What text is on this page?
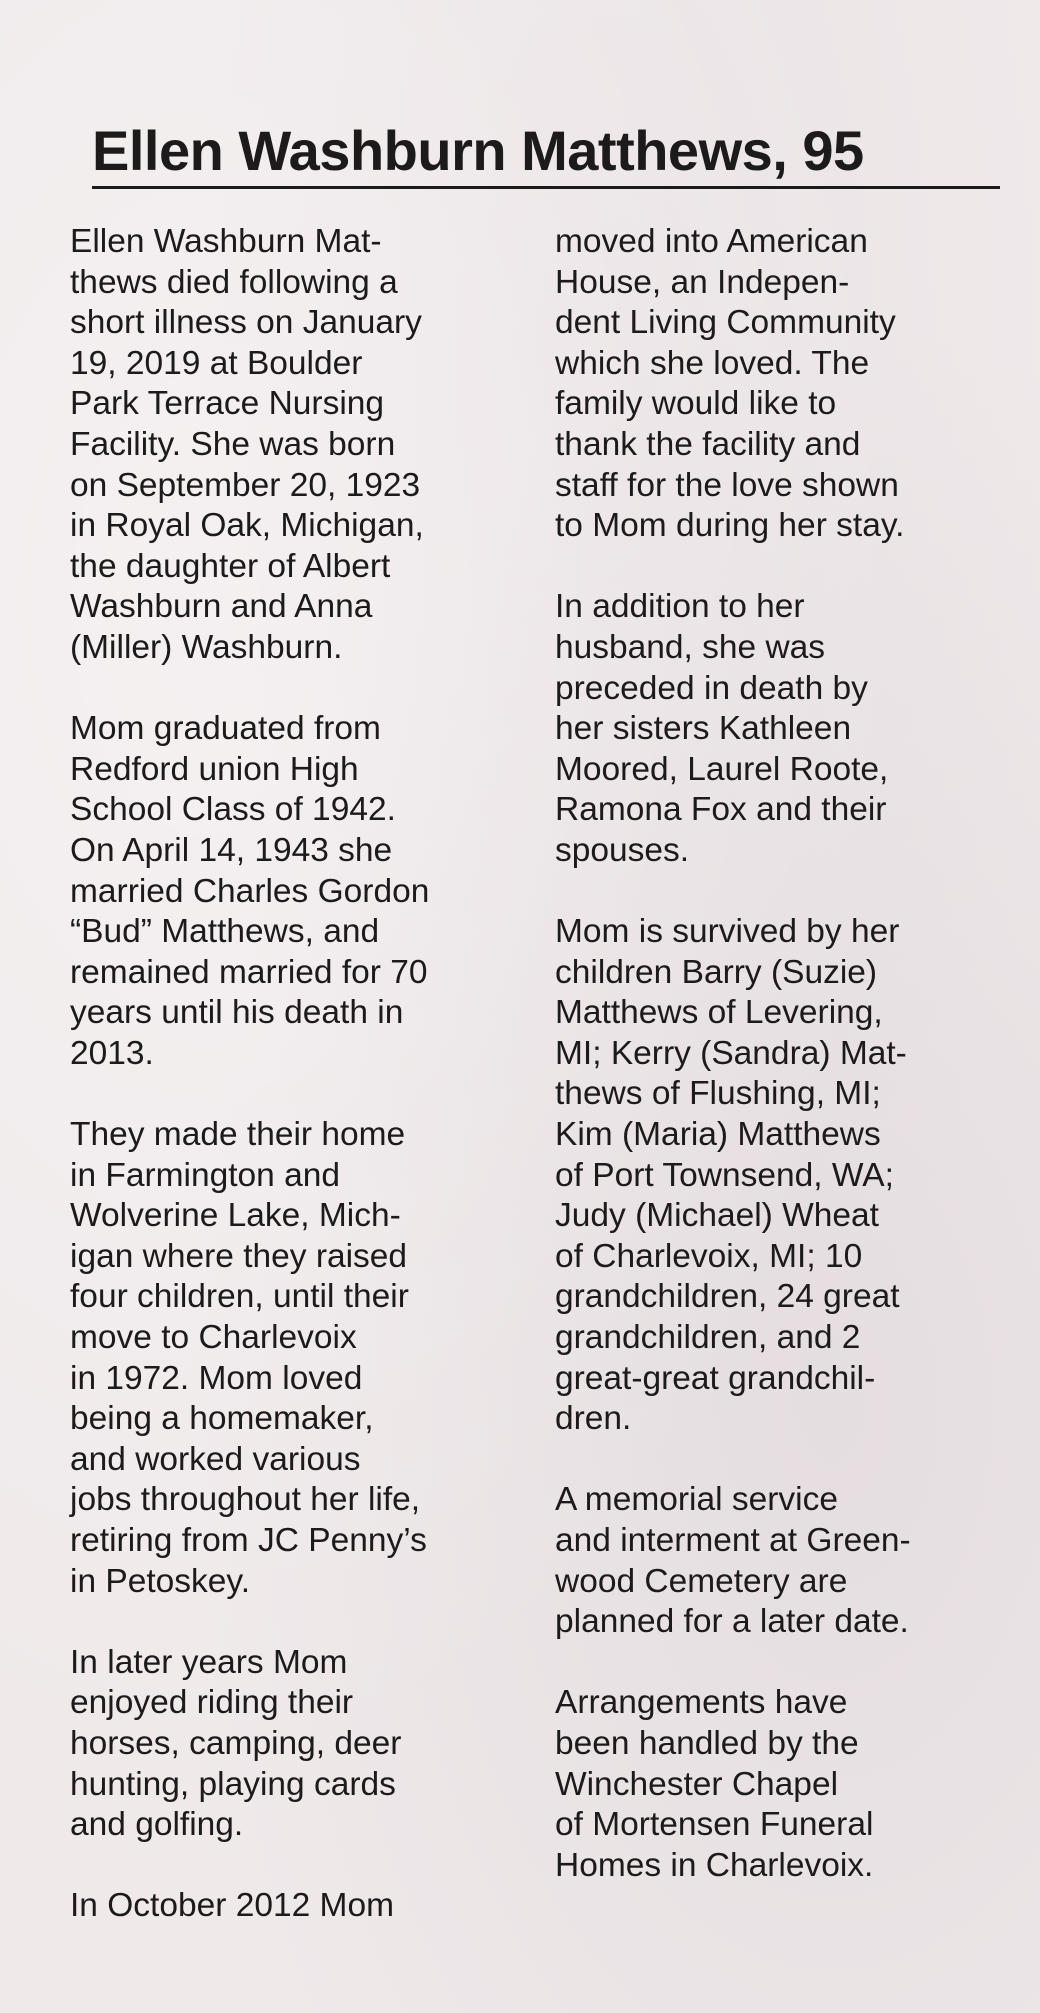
Ellen Washburn Matthews, 95

Ellen Washburn Mat-
thews died following a
short illness on January
19, 2019 at Boulder
Park Terrace Nursing
Facility. She was born
on September 20, 1923
in Royal Oak, Michigan,
the daughter of Albert
Washburn and Anna
(Miller) Washburn.

Mom graduated from
Redford union High
School Class of 1942.
On April 14, 1943 she
married Charles Gordon
“Bud” Matthews, and
remained married for 70
years until his death in
2013.

They made their home
in Farmington and
Wolverine Lake, Mich-
igan where they raised
four children, until their
move to Charlevoix
in 1972. Mom loved
being a homemaker,
and worked various
jobs throughout her life,
retiring from JC Penny’s
in Petoskey.

In later years Mom
enjoyed riding their
horses, camping, deer
hunting, playing cards
and golfing.

In October 2012 Mom

moved into American
House, an Indepen-
dent Living Community
which she loved. The
family would like to
thank the facility and
staff for the love shown
to Mom during her stay.

In addition to her
husband, she was
preceded in death by
her sisters Kathleen
Moored, Laurel Roote,
Ramona Fox and their
spouses.

Mom is survived by her
children Barry (Suzie)
Matthews of Levering,
MI; Kerry (Sandra) Mat-
thews of Flushing, MI;
Kim (Maria) Matthews
of Port Townsend, WA;
Judy (Michael) Wheat
of Charlevoix, MI; 10
grandchildren, 24 great
grandchildren, and 2
great-great grandchil-
dren.

A memorial service
and interment at Green-
wood Cemetery are
planned for a later date.

Arrangements have
been handled by the
Winchester Chapel
of Mortensen Funeral
Homes in Charlevoix.
